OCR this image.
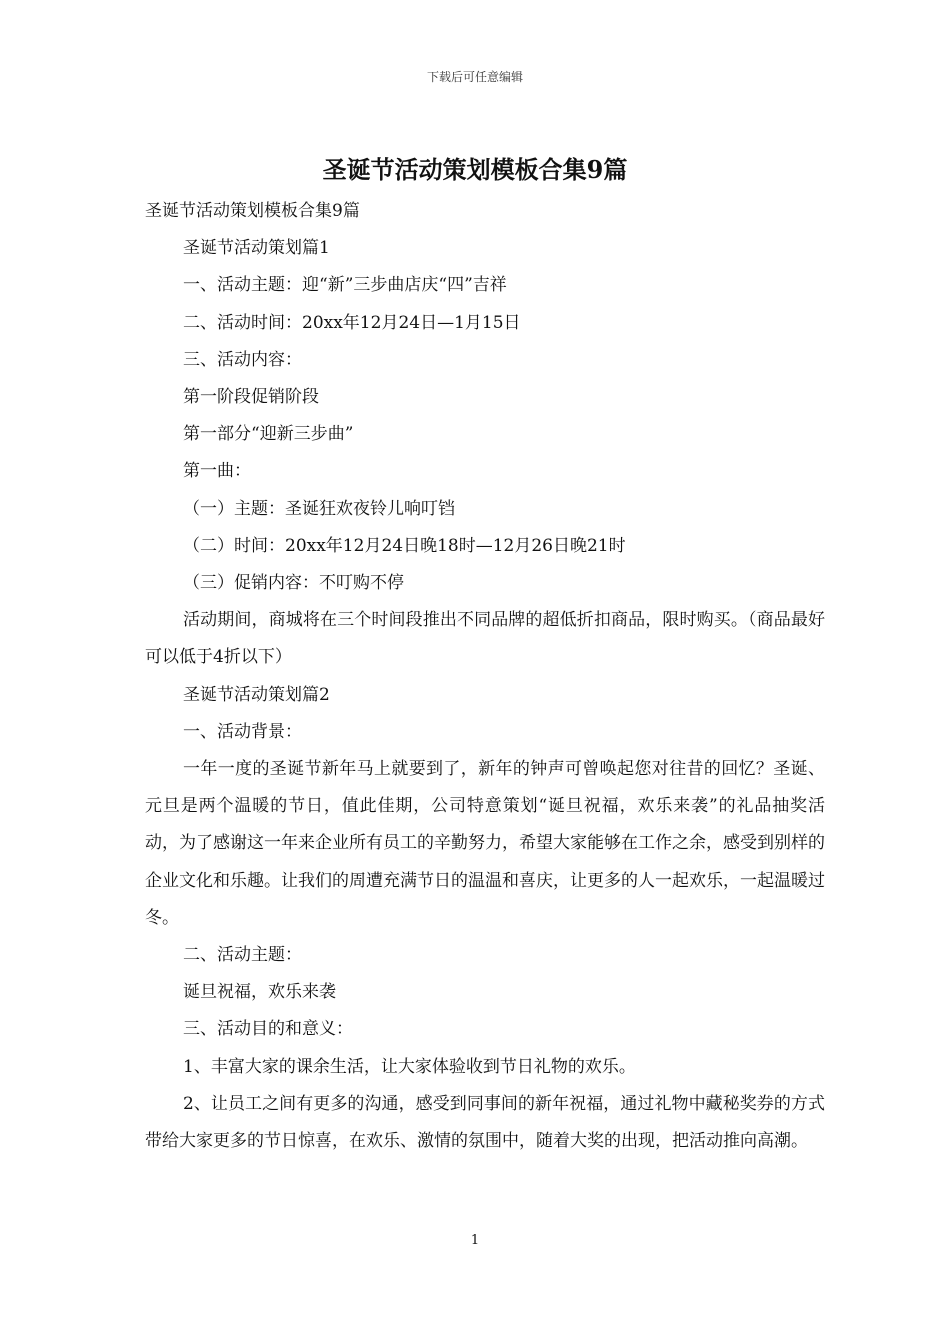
下载后可任意编辑
圣诞节活动策划模板合集9篇

圣诞节活动策划模板合集9篇

圣诞节活动策划篇1

一、活动主题：迎“新”三步曲店庆“四”吉祥

二、活动时间：20xx年12月24日—1月15日

三、活动内容：

第一阶段促销阶段

第一部分“迎新三步曲”

第一曲：

（一）主题：圣诞狂欢夜铃儿响叮铛

（二）时间：20xx年12月24日晚18时—12月26日晚21时

（三）促销内容：不叮购不停

活动期间，商城将在三个时间段推出不同品牌的超低折扣商品，限时购买。（商品最好可以低于4折以下）

圣诞节活动策划篇2

一、活动背景：

一年一度的圣诞节新年马上就要到了，新年的钟声可曾唤起您对往昔的回忆？圣诞、元旦是两个温暖的节日，值此佳期，公司特意策划“诞旦祝福，欢乐来袭”的礼品抽奖活动，为了感谢这一年来企业所有员工的辛勤努力，希望大家能够在工作之余，感受到别样的企业文化和乐趣。让我们的周遭充满节日的温温和喜庆，让更多的人一起欢乐，一起温暖过冬。

二、活动主题：

诞旦祝福，欢乐来袭

三、活动目的和意义：

1、丰富大家的课余生活，让大家体验收到节日礼物的欢乐。

2、让员工之间有更多的沟通，感受到同事间的新年祝福，通过礼物中藏秘奖券的方式带给大家更多的节日惊喜，在欢乐、激情的氛围中，随着大奖的出现，把活动推向高潮。

1
